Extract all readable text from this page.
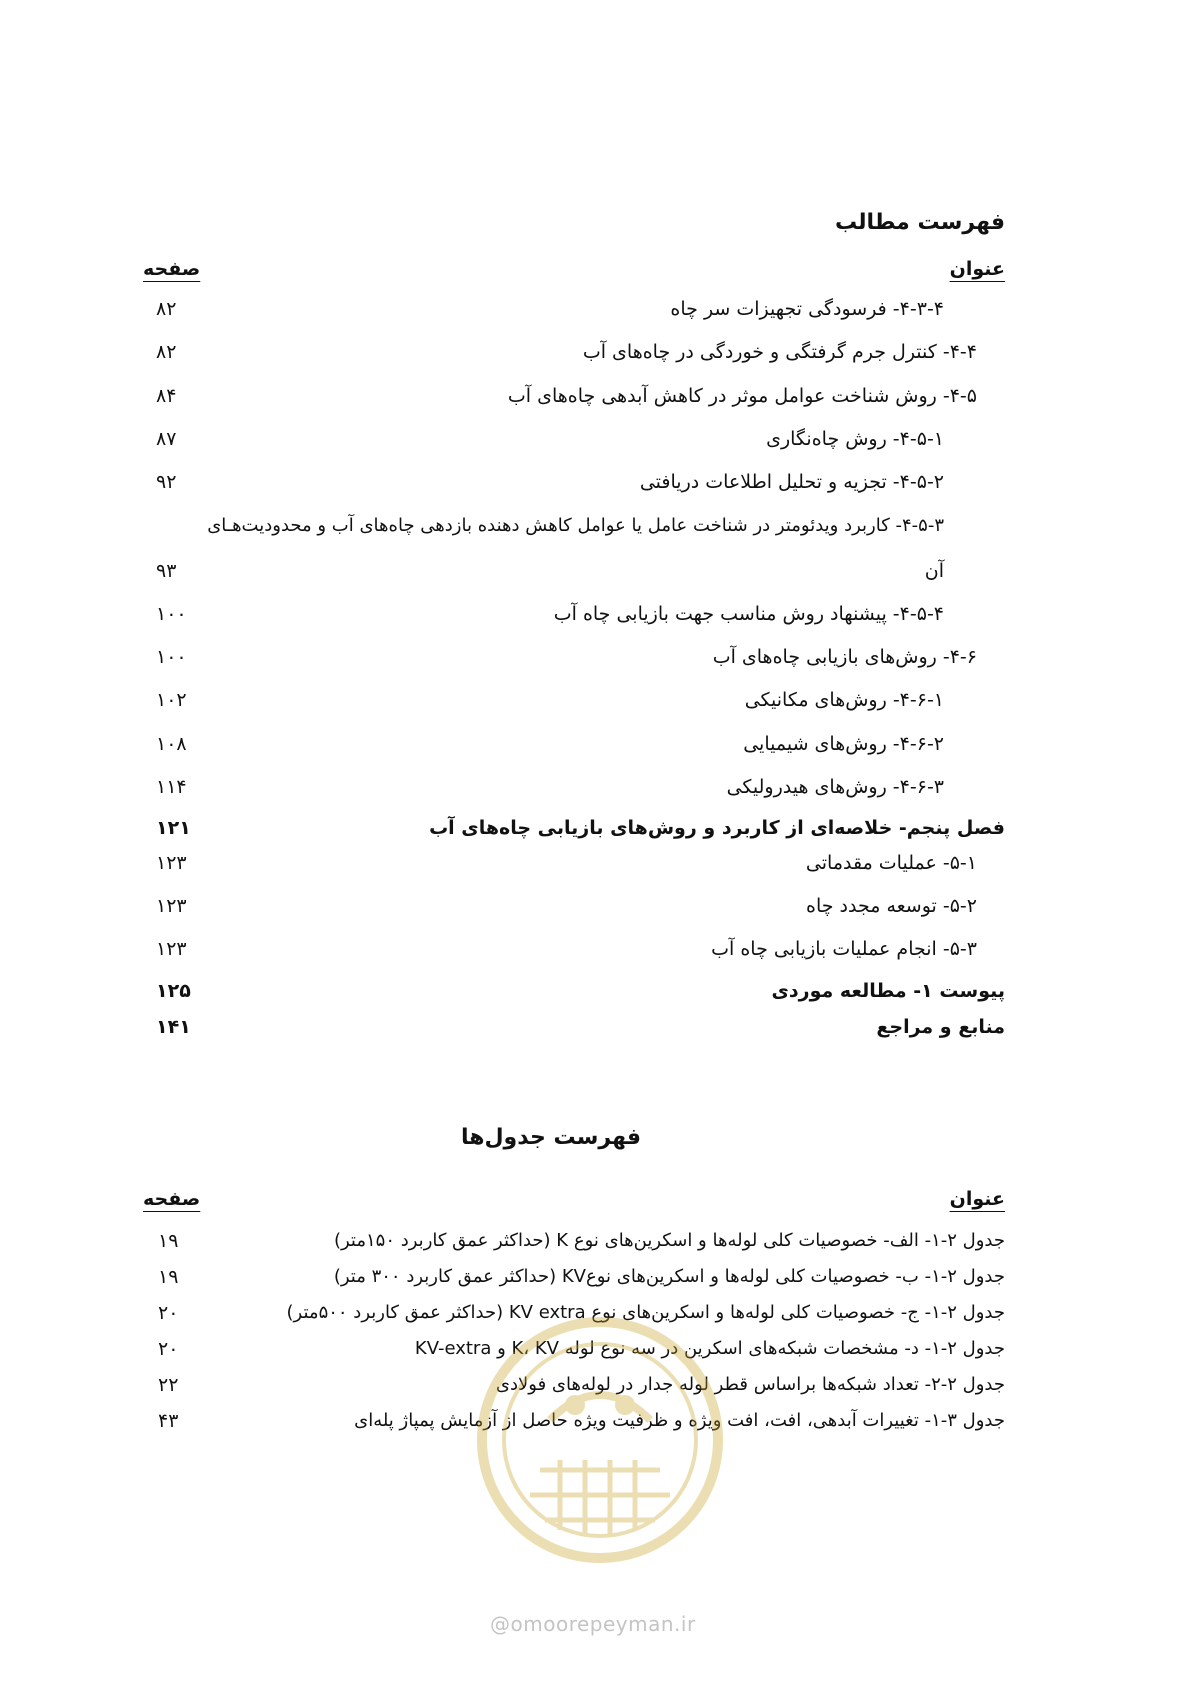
فهرست مطالب
عنوان
صفحه
۴-۳-۴- فرسودگی تجهیزات سر چاه
۸۲
۴-۴- کنترل جرم گرفتگی و خوردگی در چاه‌های آب
۸۲
۴-۵- روش شناخت عوامل موثر در کاهش آبدهی چاه‌های آب
۸۴
۴-۵-۱- روش چاه‌نگاری
۸۷
۴-۵-۲- تجزیه و تحلیل اطلاعات دریافتی
۹۲
۴-۵-۳- کاربرد ویدئومتر در شناخت عامل یا عوامل کاهش دهنده بازدهی چاه‌های آب و محدودیت‌هـای
آن
۹۳
۴-۵-۴- پیشنهاد روش مناسب جهت بازیابی چاه آب
۱۰۰
۴-۶- روش‌های بازیابی چاه‌های آب
۱۰۰
۴-۶-۱- روش‌های مکانیکی
۱۰۲
۴-۶-۲- روش‌های شیمیایی
۱۰۸
۴-۶-۳- روش‌های هیدرولیکی
۱۱۴
فصل پنجم- خلاصه‌ای از کاربرد و روش‌های بازیابی چاه‌های آب
۱۲۱
۵-۱- عملیات مقدماتی
۱۲۳
۵-۲- توسعه مجدد چاه
۱۲۳
۵-۳- انجام عملیات بازیابی چاه آب
۱۲۳
پیوست ۱- مطالعه موردی
۱۲۵
منابع و مراجع
۱۴۱
فهرست جدول‌ها
عنوان
صفحه
جدول ۲-۱- الف- خصوصیات کلی لوله‌ها و اسکرین‌های نوع K (حداکثر عمق کاربرد ۱۵۰متر)
۱۹
جدول ۲-۱- ب- خصوصیات کلی لوله‌ها و اسکرین‌های نوعKV (حداکثر عمق کاربرد ۳۰۰ متر)
۱۹
جدول ۲-۱- ج- خصوصیات کلی لوله‌ها و اسکرین‌های نوع KV extra (حداکثر عمق کاربرد ۵۰۰متر)
۲۰
جدول ۲-۱- د- مشخصات شبکه‌های اسکرین در سه نوع لوله K، KV و KV-extra
۲۰
جدول ۲-۲- تعداد شبکه‌ها براساس قطر لوله جدار در لوله‌های فولادی
۲۲
جدول ۳-۱- تغییرات آبدهی، افت، افت ویژه و ظرفیت ویژه حاصل از آزمایش پمپاژ پله‌ای
۴۳
@omoorepeyman.ir
